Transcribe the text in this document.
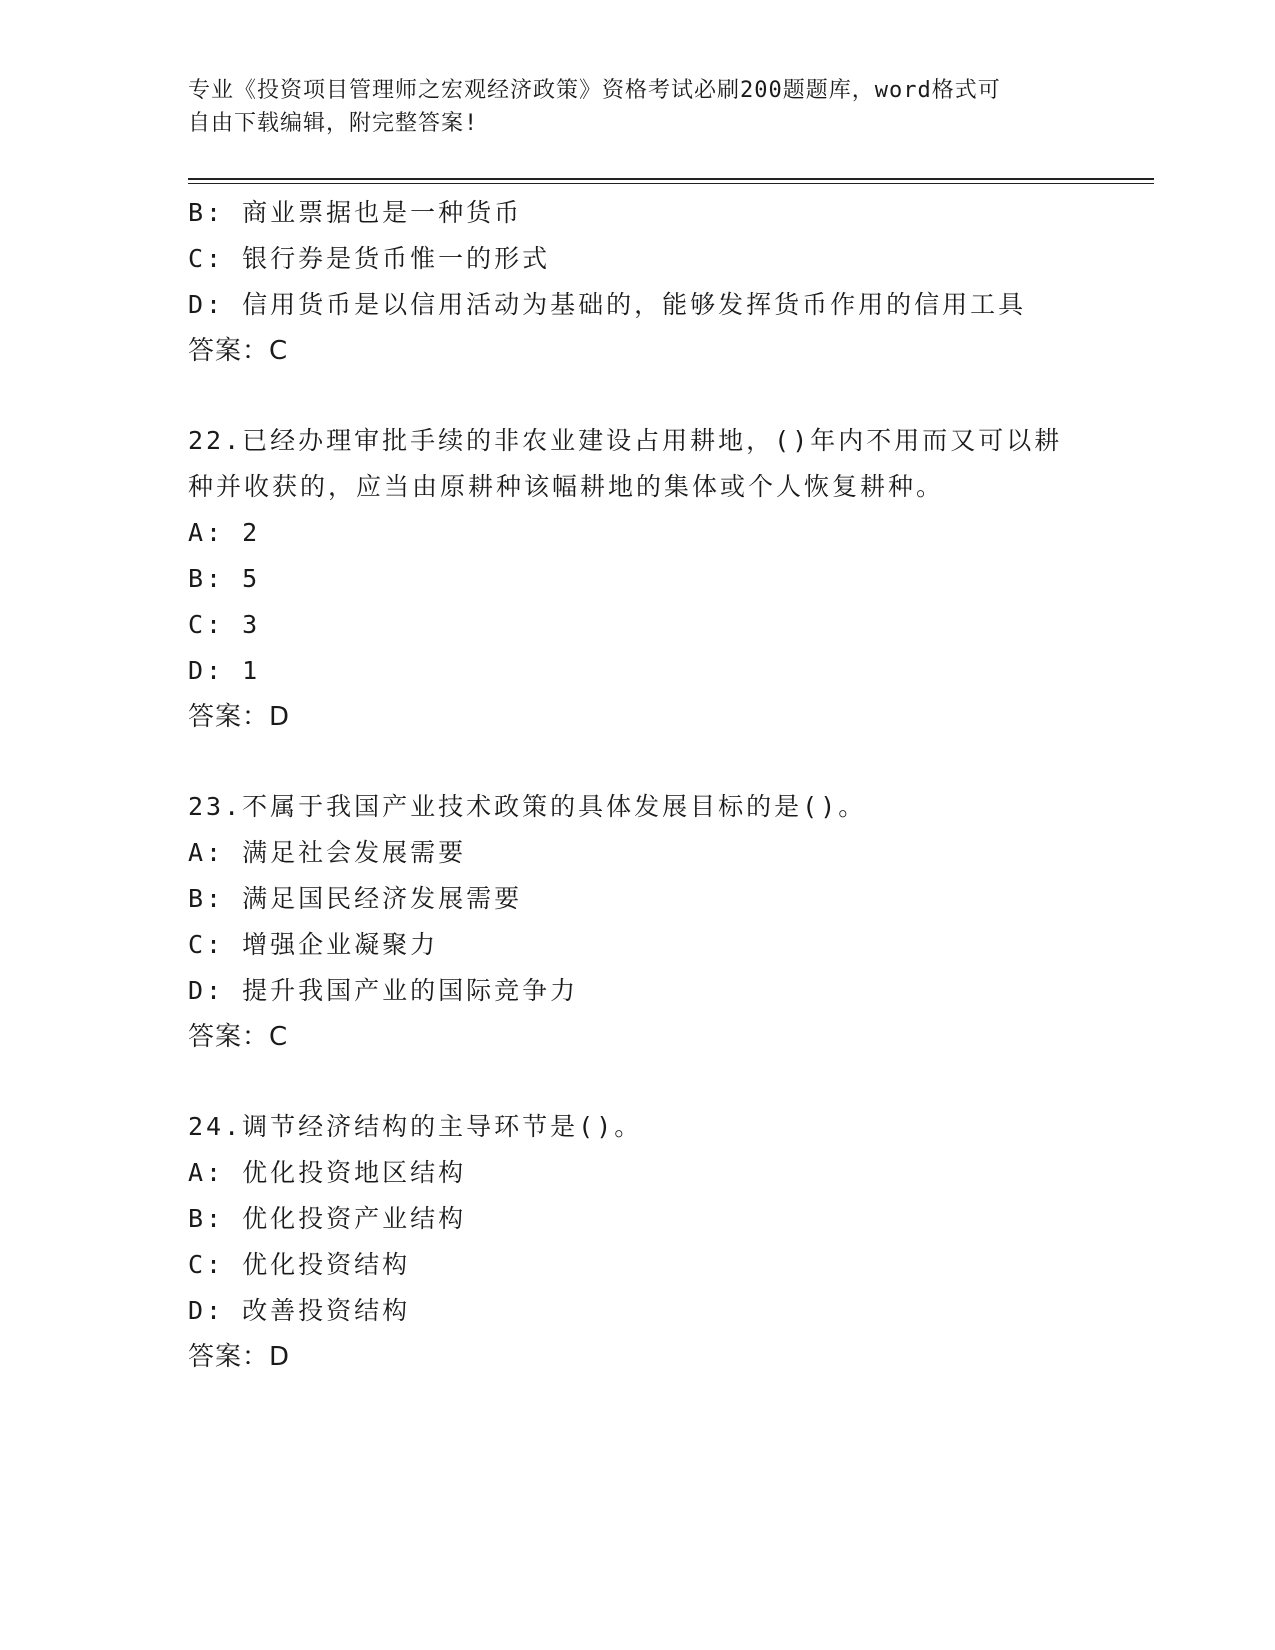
专业《投资项目管理师之宏观经济政策》资格考试必刷200题题库，word格式可
自由下载编辑，附完整答案!
B: 商业票据也是一种货币
C: 银行券是货币惟一的形式
D: 信用货币是以信用活动为基础的，能够发挥货币作用的信用工具
答案：C
22.已经办理审批手续的非农业建设占用耕地，()年内不用而又可以耕
种并收获的，应当由原耕种该幅耕地的集体或个人恢复耕种。
A: 2
B: 5
C: 3
D: 1
答案：D
23.不属于我国产业技术政策的具体发展目标的是()。
A: 满足社会发展需要
B: 满足国民经济发展需要
C: 增强企业凝聚力
D: 提升我国产业的国际竞争力
答案：C
24.调节经济结构的主导环节是()。
A: 优化投资地区结构
B: 优化投资产业结构
C: 优化投资结构
D: 改善投资结构
答案：D
